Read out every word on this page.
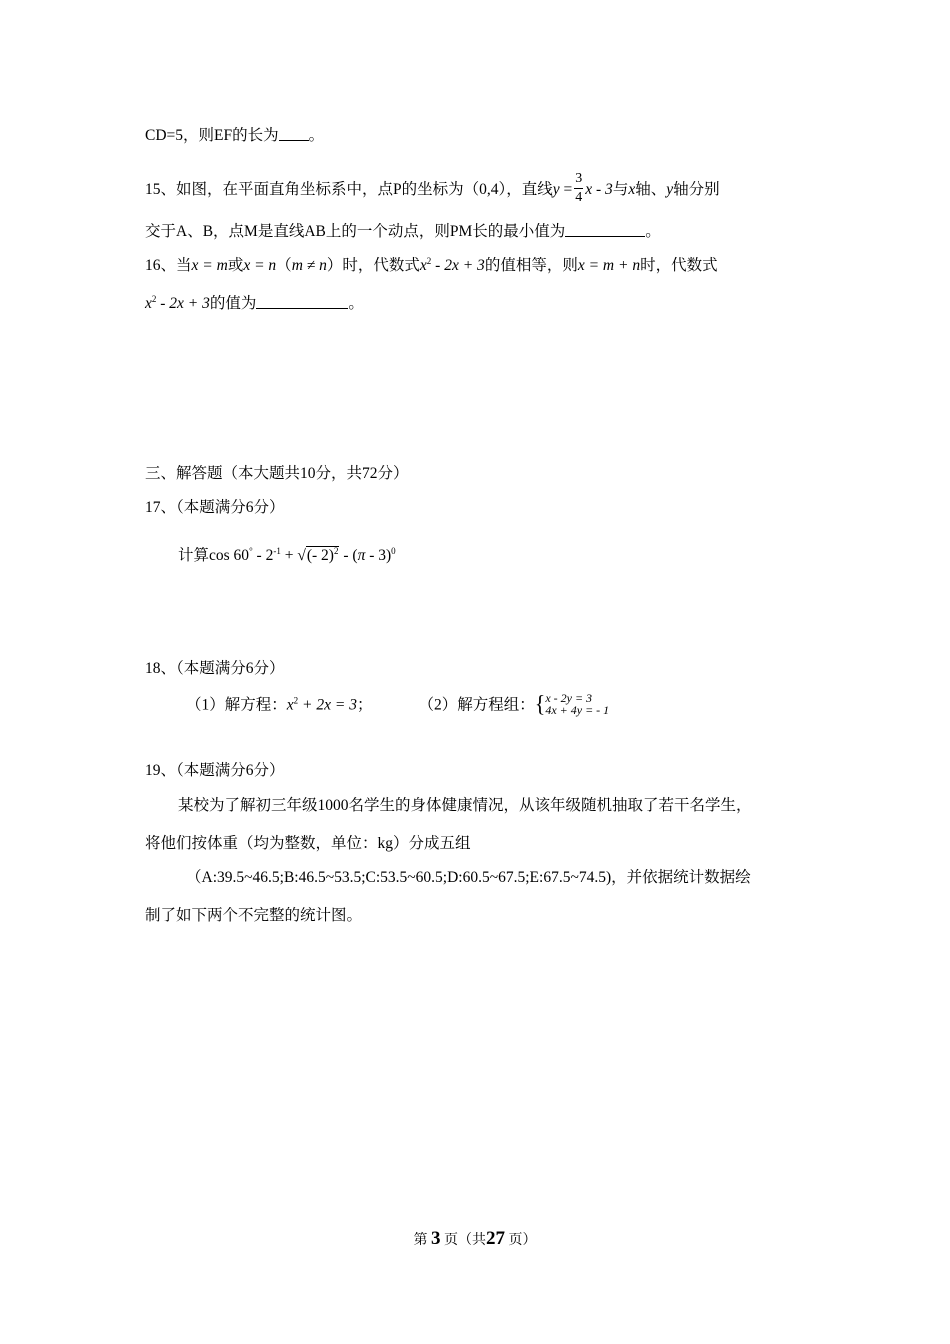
CD=5，则EF的长为 。
15、如图，在平面直角坐标系中，点P的坐标为（0,4），直线$y = \frac{3}{4}$ x - 3与x轴、y轴分别
交于A、B，点M是直线AB上的一个动点，则PM长的最小值为	。
16、当x = m或x = n（m ≠ n）时，代数式$x^2 - 2x + 3$的值相等，则x = m + n时，代数式
$x^2 - 2x + 3$的值为	。
三、解答题（本大题共10分，共72分）
17、（本题满分6分）
计算$\cos 60^\circ - 2^{-1}$ + √(- 2)$^2$ - (π - 3)$^0$
18、（本题满分6分）
（1）解方程：$x^2 + 2x = 3$；	（2）解方程组：{ x - 2y = 3
4x + 4y = - 1
19、（本题满分6分）
某校为了解初三年级1000名学生的身体健康情况，从该年级随机抽取了若干名学生，
将他们按体重（均为整数，单位：kg）分成五组
（A:39.5~46.5;B:46.5~53.5;C:53.5~60.5;D:60.5~67.5;E:67.5~74.5)，并依据统计数据绘
制了如下两个不完整的统计图。
第 3 页（共27 页）
